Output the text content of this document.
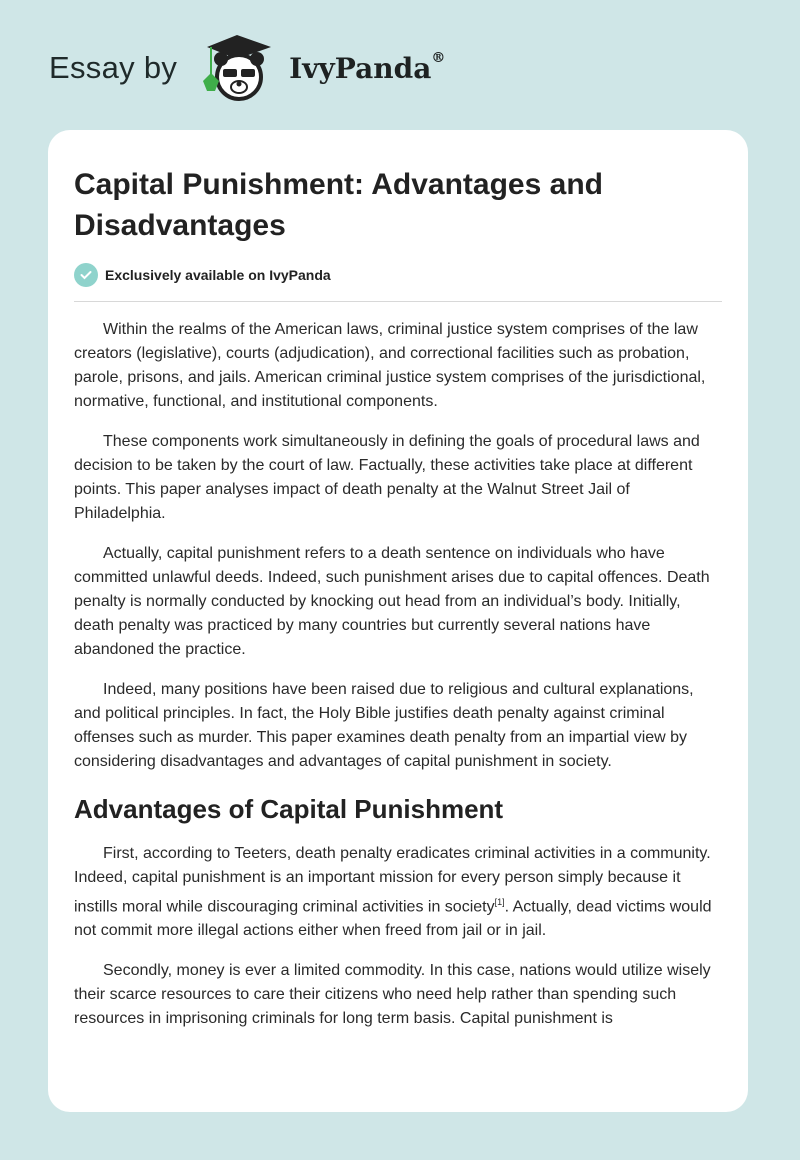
Essay by	IvyPanda®
Capital Punishment: Advantages and Disadvantages
Exclusively available on IvyPanda

Within the realms of the American laws, criminal justice system comprises of the law creators (legislative), courts (adjudication), and correctional facilities such as probation, parole, prisons, and jails. American criminal justice system comprises of the jurisdictional, normative, functional, and institutional components.

These components work simultaneously in defining the goals of procedural laws and decision to be taken by the court of law. Factually, these activities take place at different points. This paper analyses impact of death penalty at the Walnut Street Jail of Philadelphia.

Actually, capital punishment refers to a death sentence on individuals who have committed unlawful deeds. Indeed, such punishment arises due to capital offences. Death penalty is normally conducted by knocking out head from an individual’s body. Initially, death penalty was practiced by many countries but currently several nations have abandoned the practice.

Indeed, many positions have been raised due to religious and cultural explanations, and political principles. In fact, the Holy Bible justifies death penalty against criminal offenses such as murder. This paper examines death penalty from an impartial view by considering disadvantages and advantages of capital punishment in society.

Advantages of Capital Punishment

First, according to Teeters, death penalty eradicates criminal activities in a community. Indeed, capital punishment is an important mission for every person simply because it instills moral while discouraging criminal activities in society[1]. Actually, dead victims would not commit more illegal actions either when freed from jail or in jail.

Secondly, money is ever a limited commodity. In this case, nations would utilize wisely their scarce resources to care their citizens who need help rather than spending such resources in imprisoning criminals for long term basis. Capital punishment is
